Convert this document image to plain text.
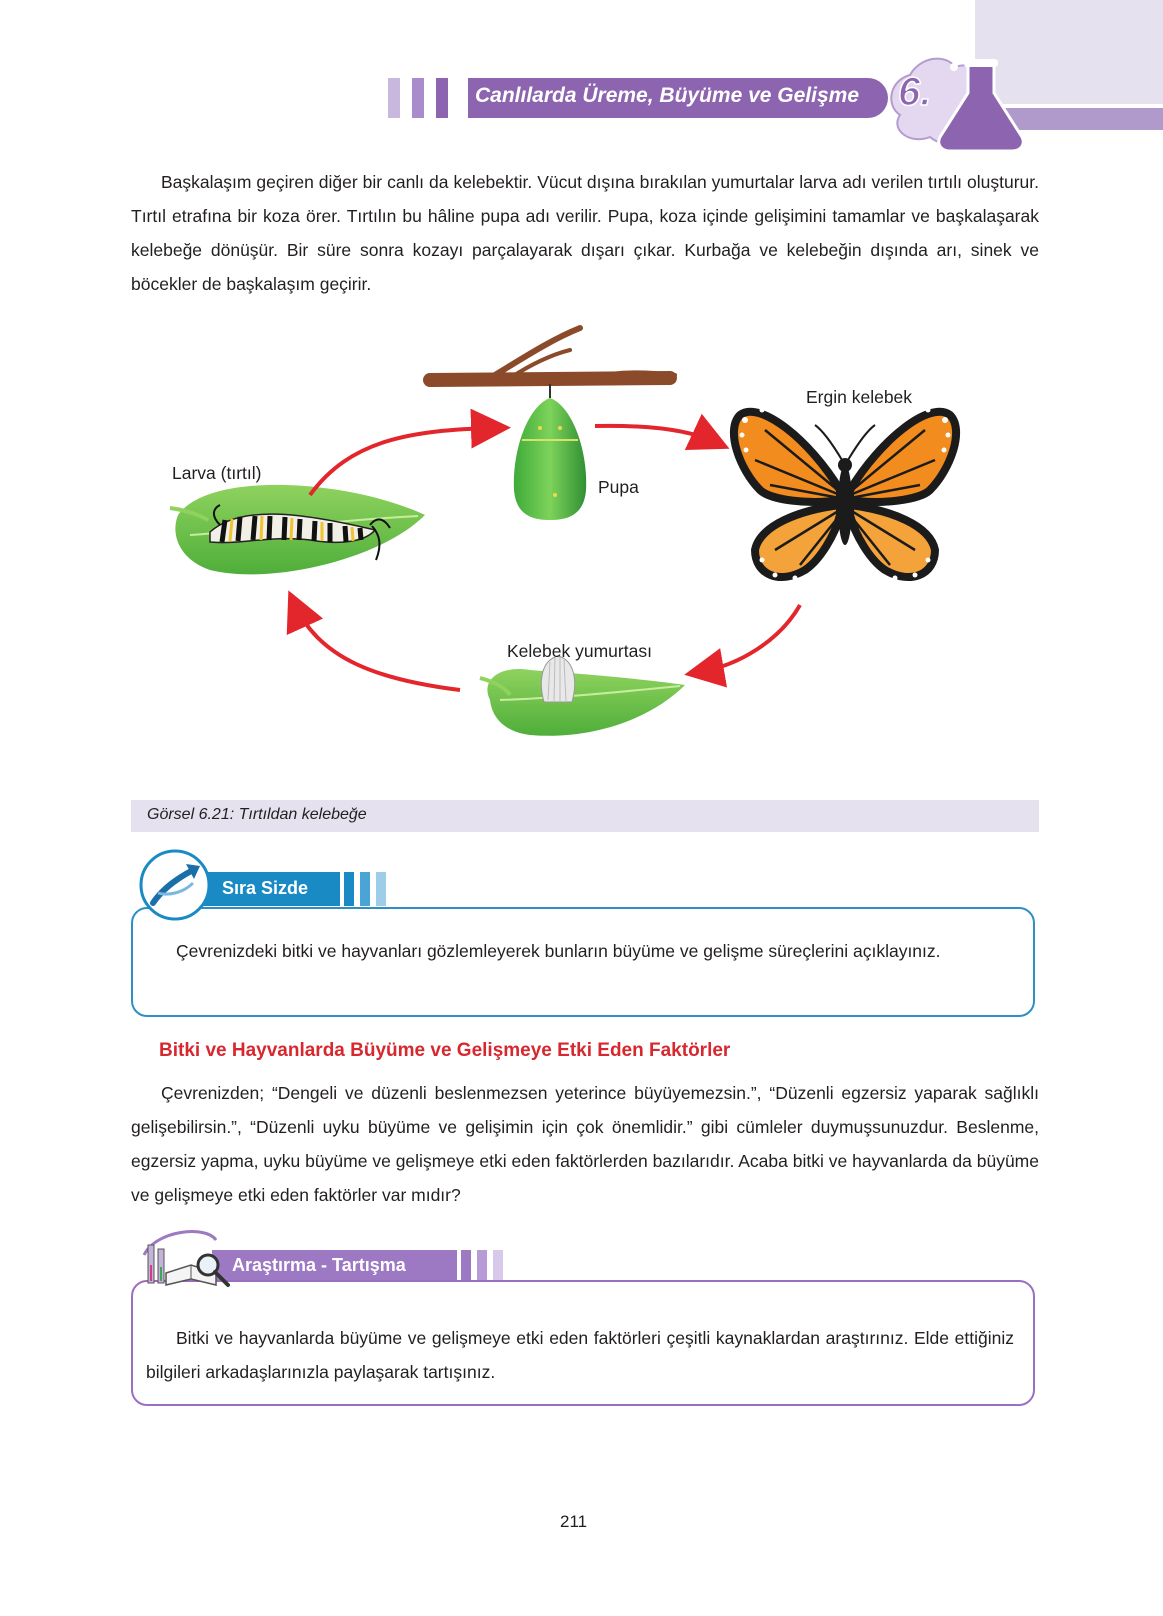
Canlılarda Üreme, Büyüme ve Gelişme 6.
Başkalaşım geçiren diğer bir canlı da kelebektir. Vücut dışına bırakılan yumurtalar larva adı verilen tırtılı oluşturur. Tırtıl etrafına bir koza örer. Tırtılın bu hâline pupa adı verilir. Pupa, koza içinde gelişimini tamamlar ve başkalaşarak kelebeğe dönüşür. Bir süre sonra kozayı parçalayarak dışarı çıkar. Kurbağa ve kelebeğin dışında arı, sinek ve böcekler de başkalaşım geçirir.
Larva (tırtıl)
Pupa
Ergin kelebek
Kelebek yumurtası
Görsel 6.21: Tırtıldan kelebeğe
Sıra Sizde
Çevrenizdeki bitki ve hayvanları gözlemleyerek bunların büyüme ve gelişme süreçlerini açıklayınız.
Bitki ve Hayvanlarda Büyüme ve Gelişmeye Etki Eden Faktörler
Çevrenizden; “Dengeli ve düzenli beslenmezsen yeterince büyüyemezsin.”, “Düzenli egzersiz yaparak sağlıklı gelişebilirsin.”, “Düzenli uyku büyüme ve gelişimin için çok önemlidir.” gibi cümleler duymuşsunuzdur. Beslenme, egzersiz yapma, uyku büyüme ve gelişmeye etki eden faktörlerden bazılarıdır. Acaba bitki ve hayvanlarda da büyüme ve gelişmeye etki eden faktörler var mıdır?
Araştırma - Tartışma
Bitki ve hayvanlarda büyüme ve gelişmeye etki eden faktörleri çeşitli kaynaklardan araştırınız. Elde ettiğiniz bilgileri arkadaşlarınızla paylaşarak tartışınız.
211
